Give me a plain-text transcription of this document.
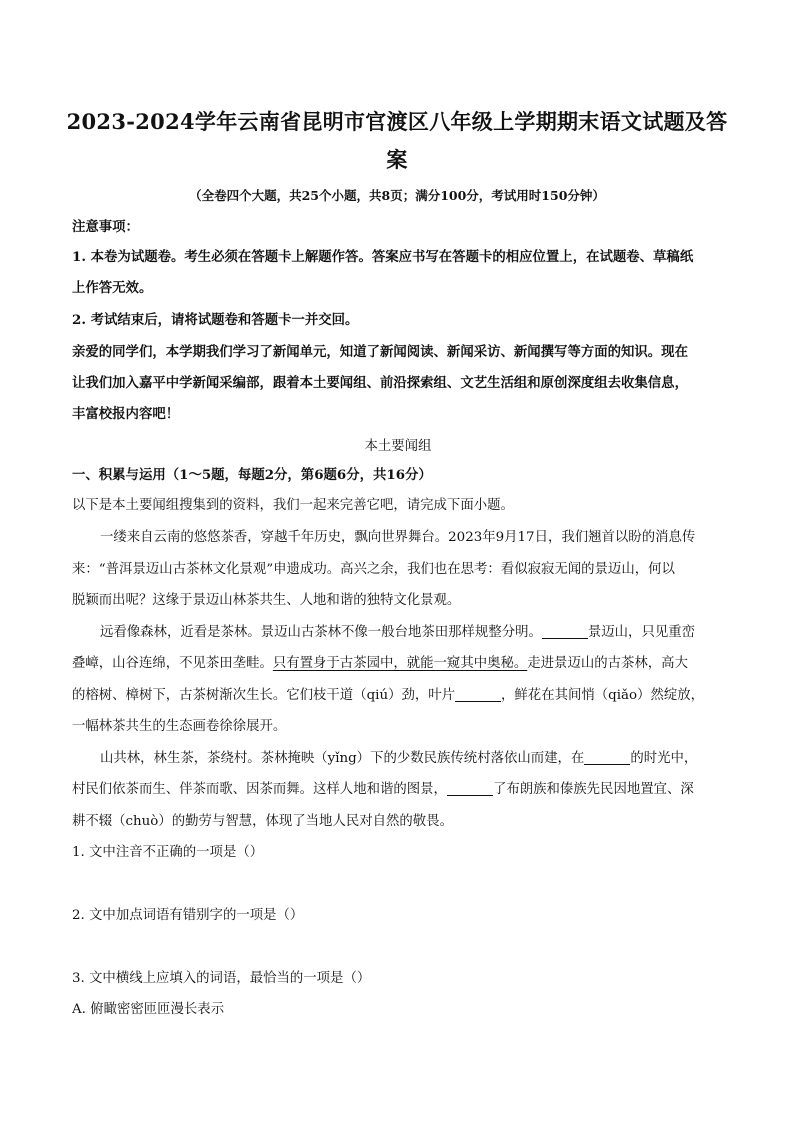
2023-2024学年云南省昆明市官渡区八年级上学期期末语文试题及答
案
（全卷四个大题，共25个小题，共8页；满分100分，考试用时150分钟）
注意事项：
1. 本卷为试题卷。考生必须在答题卡上解题作答。答案应书写在答题卡的相应位置上，在试题卷、草稿纸
上作答无效。
2. 考试结束后，请将试题卷和答题卡一并交回。
亲爱的同学们，本学期我们学习了新闻单元，知道了新闻阅读、新闻采访、新闻撰写等方面的知识。现在
让我们加入嘉平中学新闻采编部，跟着本土要闻组、前沿探索组、文艺生活组和原创深度组去收集信息，
丰富校报内容吧！
本土要闻组
一、积累与运用（1～5题，每题2分，第6题6分，共16分）
以下是本土要闻组搜集到的资料，我们一起来完善它吧，请完成下面小题。
一缕来自云南的悠悠茶香，穿越千年历史，飘向世界舞台。2023年9月17日，我们翘首以盼的消息传
来：“普洱景迈山古茶林文化景观”申遗成功。高兴之余，我们也在思考：看似寂寂无闻的景迈山，何以
脱颖而出呢？这缘于景迈山林茶共生、人地和谐的独特文化景观。
远看像森林，近看是茶林。景迈山古茶林不像一般台地茶田那样规整分明。	景迈山，只见重峦
叠嶂，山谷连绵，不见茶田垄畦。只有置身于古茶园中，就能一窥其中奥秘。走进景迈山的古茶林，高大
的榕树、樟树下，古茶树渐次生长。它们枝干道（qiú）劲，叶片	，鲜花在其间悄（qiǎo）然绽放，
一幅林茶共生的生态画卷徐徐展开。
山共林，林生茶，茶绕村。茶林掩映（yǐng）下的少数民族传统村落依山而建，在	的时光中，
村民们依茶而生、伴茶而歌、因茶而舞。这样人地和谐的图景，	了布朗族和傣族先民因地置宜、深
耕不辍（chuò）的勤劳与智慧，体现了当地人民对自然的敬畏。
1. 文中注音不正确的一项是（）
2. 文中加点词语有错别字的一项是（）
3. 文中横线上应填入的词语，最恰当的一项是（）
A. 俯瞰密密匝匝漫长表示
